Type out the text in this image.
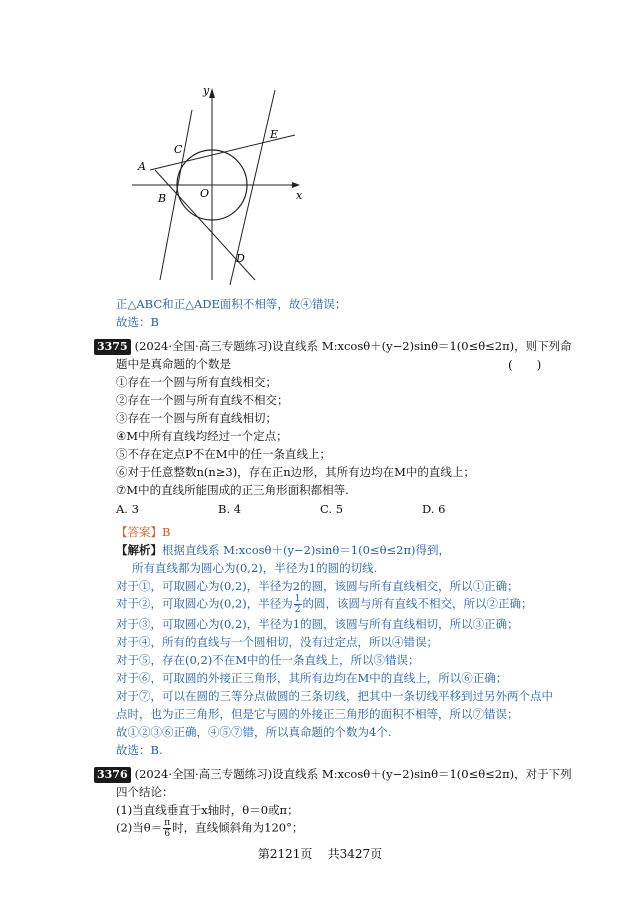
y
x
A
B
C
D
E
O
正△ABC和正△ADE面积不相等，故④错误；
故选：B
3375 (2024·全国·高三专题练习)设直线系 M:xcosθ＋(y−2)sinθ＝1(0≤θ≤2π)，则下列命
题中是真命题的个数是	(　　)
①存在一个圆与所有直线相交；
②存在一个圆与所有直线不相交；
③存在一个圆与所有直线相切；
④M中所有直线均经过一个定点；
⑤不存在定点P不在M中的任一条直线上；
⑥对于任意整数n(n≥3)，存在正n边形，其所有边均在M中的直线上；
⑦M中的直线所能围成的正三角形面积都相等.
A. 3	B. 4	C. 5	D. 6
【答案】B
【解析】根据直线系 M:xcosθ＋(y−2)sinθ＝1(0≤θ≤2π)得到，
所有直线都为圆心为(0,2)，半径为1的圆的切线.
对于①，可取圆心为(0,2)，半径为2的圆，该圆与所有直线相交，所以①正确；
对于②，可取圆心为(0,2)，半径为 $\frac{1}{2}$ 的圆，该圆与所有直线不相交，所以②正确；
对于③，可取圆心为(0,2)，半径为1的圆，该圆与所有直线相切，所以③正确；
对于④，所有的直线与一个圆相切，没有过定点，所以④错误；
对于⑤，存在(0,2)不在M中的任一条直线上，所以⑤错误；
对于⑥，可取圆的外接正三角形，其所有边均在M中的直线上，所以⑥正确；
对于⑦，可以在圆的三等分点做圆的三条切线，把其中一条切线平移到过另外两个点中
点时，也为正三角形，但是它与圆的外接正三角形的面积不相等，所以⑦错误；
故①②③⑥正确，④⑤⑦错，所以真命题的个数为4个.
故选：B.
3376 (2024·全国·高三专题练习)设直线系 M:xcosθ＋(y−2)sinθ＝1(0≤θ≤2π)，对于下列
四个结论：
(1)当直线垂直于x轴时，θ＝0或π；
(2)当$\theta= \frac{\pi}{6}$ 时，直线倾斜角为120°；
第2121页 共3427页
